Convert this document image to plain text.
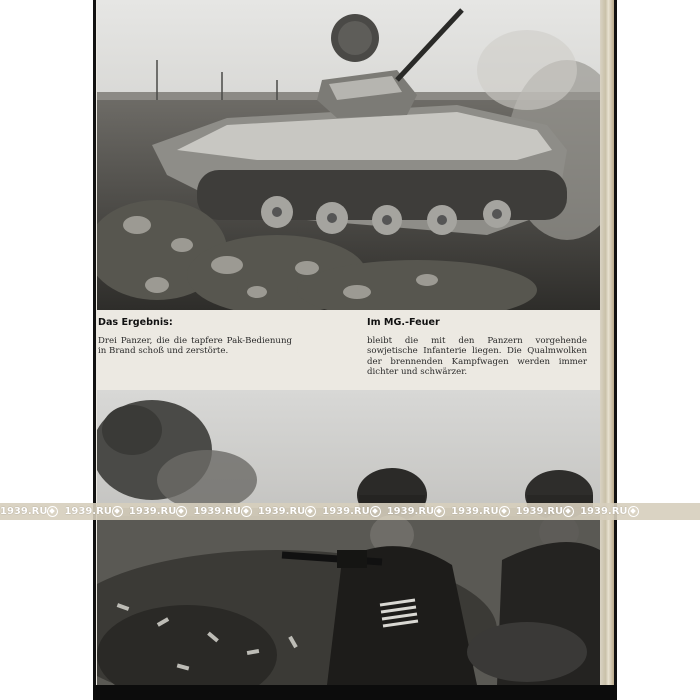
Das Ergebnis:

Drei Panzer, die die tapfere Pak-Bedienung in Brand schoß und zerstörte.

Im MG.-Feuer

bleibt die mit den Panzern vorgehende sowjetische Infanterie liegen. Die Qualmwolken der brennenden Kampfwagen werden immer dichter und schwärzer.

1939.RU 1939.RU 1939.RU 1939.RU 1939.RU 1939.RU 1939.RU 1939.RU 1939.RU 1939.RU
